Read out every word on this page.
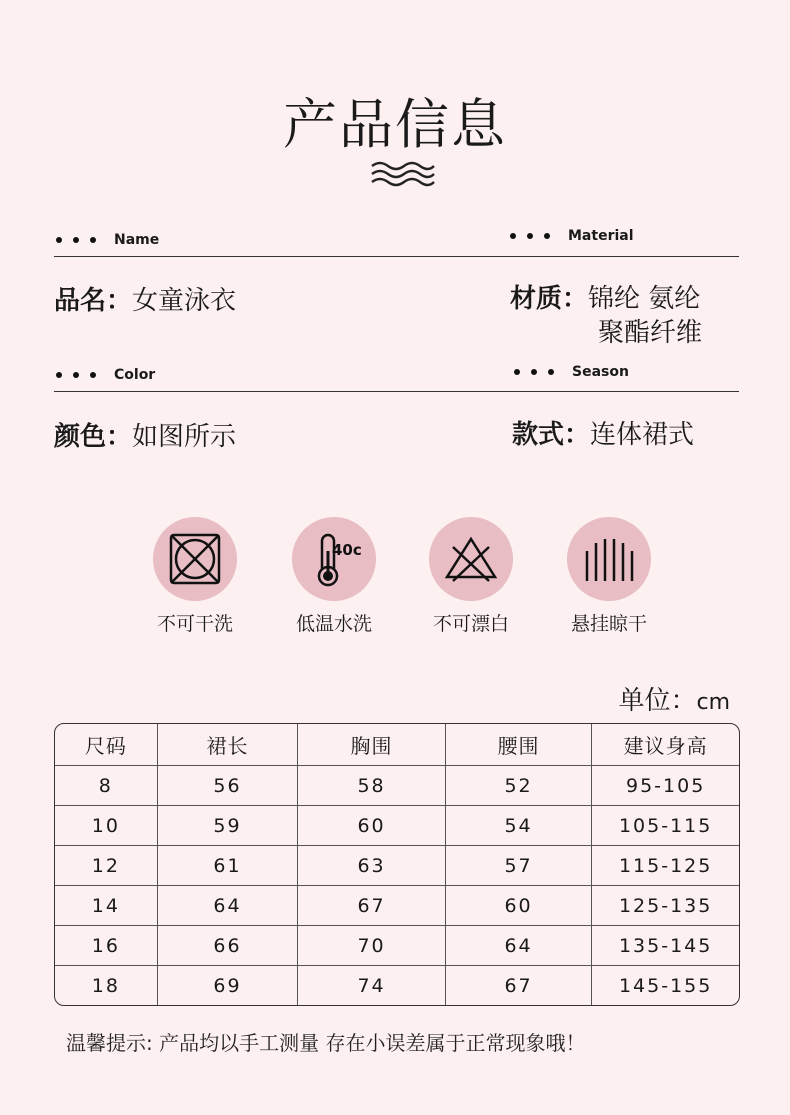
产品信息
Name	Material
品名：女童泳衣	材质：锦纶 氨纶
聚酯纤维
Color	Season
颜色：如图所示	款式：连体裙式
不可干洗
40c
低温水洗	不可漂白	悬挂晾干
单位：cm
尺码	裙长	胸围	腰围	建议身高
8	56	58	52	95-105
10	59	60	54	105-115
12	61	63	57	115-125
14	64	67	60	125-135
16	66	70	64	135-145
18	69	74	67	145-155
温馨提示: 产品均以手工测量 存在小误差属于正常现象哦！
